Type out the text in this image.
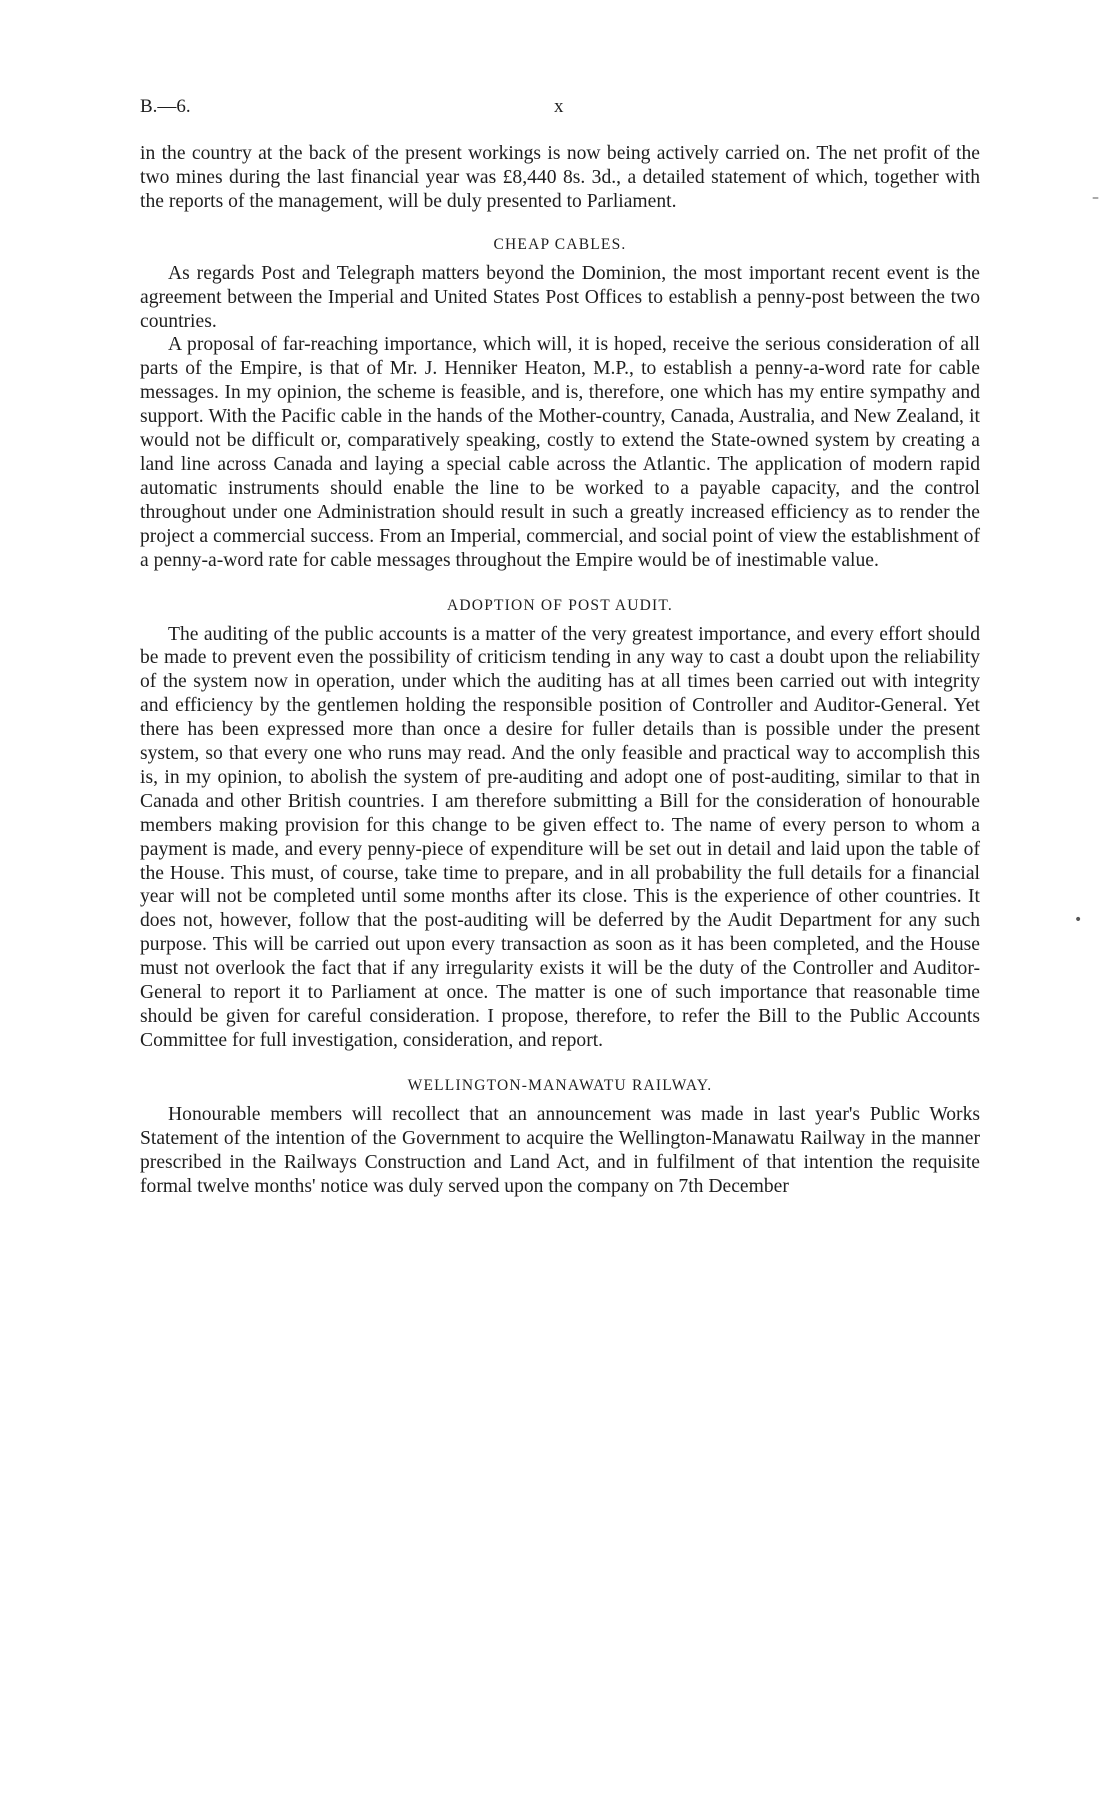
B.—6.	x

in the country at the back of the present workings is now being actively carried on. The net profit of the two mines during the last financial year was £8,440 8s. 3d., a detailed statement of which, together with the reports of the management, will be duly presented to Parliament.

CHEAP CABLES.

As regards Post and Telegraph matters beyond the Dominion, the most important recent event is the agreement between the Imperial and United States Post Offices to establish a penny-post between the two countries.

A proposal of far-reaching importance, which will, it is hoped, receive the serious consideration of all parts of the Empire, is that of Mr. J. Henniker Heaton, M.P., to establish a penny-a-word rate for cable messages. In my opinion, the scheme is feasible, and is, therefore, one which has my entire sympathy and support. With the Pacific cable in the hands of the Mother-country, Canada, Australia, and New Zealand, it would not be difficult or, comparatively speaking, costly to extend the State-owned system by creating a land line across Canada and laying a special cable across the Atlantic. The application of modern rapid automatic instruments should enable the line to be worked to a payable capacity, and the control throughout under one Administration should result in such a greatly increased efficiency as to render the project a commercial success. From an Imperial, commercial, and social point of view the establishment of a penny-a-word rate for cable messages throughout the Empire would be of inestimable value.

ADOPTION OF POST AUDIT.

The auditing of the public accounts is a matter of the very greatest importance, and every effort should be made to prevent even the possibility of criticism tending in any way to cast a doubt upon the reliability of the system now in operation, under which the auditing has at all times been carried out with integrity and efficiency by the gentlemen holding the responsible position of Controller and Auditor-General. Yet there has been expressed more than once a desire for fuller details than is possible under the present system, so that every one who runs may read. And the only feasible and practical way to accomplish this is, in my opinion, to abolish the system of pre-auditing and adopt one of post-auditing, similar to that in Canada and other British countries. I am therefore submitting a Bill for the consideration of honourable members making provision for this change to be given effect to. The name of every person to whom a payment is made, and every penny-piece of expenditure will be set out in detail and laid upon the table of the House. This must, of course, take time to prepare, and in all probability the full details for a financial year will not be completed until some months after its close. This is the experience of other countries. It does not, however, follow that the post-auditing will be deferred by the Audit Department for any such purpose. This will be carried out upon every transaction as soon as it has been completed, and the House must not overlook the fact that if any irregularity exists it will be the duty of the Controller and Auditor-General to report it to Parliament at once. The matter is one of such importance that reasonable time should be given for careful consideration. I propose, therefore, to refer the Bill to the Public Accounts Committee for full investigation, consideration, and report.

WELLINGTON-MANAWATU RAILWAY.

Honourable members will recollect that an announcement was made in last year's Public Works Statement of the intention of the Government to acquire the Wellington-Manawatu Railway in the manner prescribed in the Railways Construction and Land Act, and in fulfilment of that intention the requisite formal twelve months' notice was duly served upon the company on 7th December

–
•
